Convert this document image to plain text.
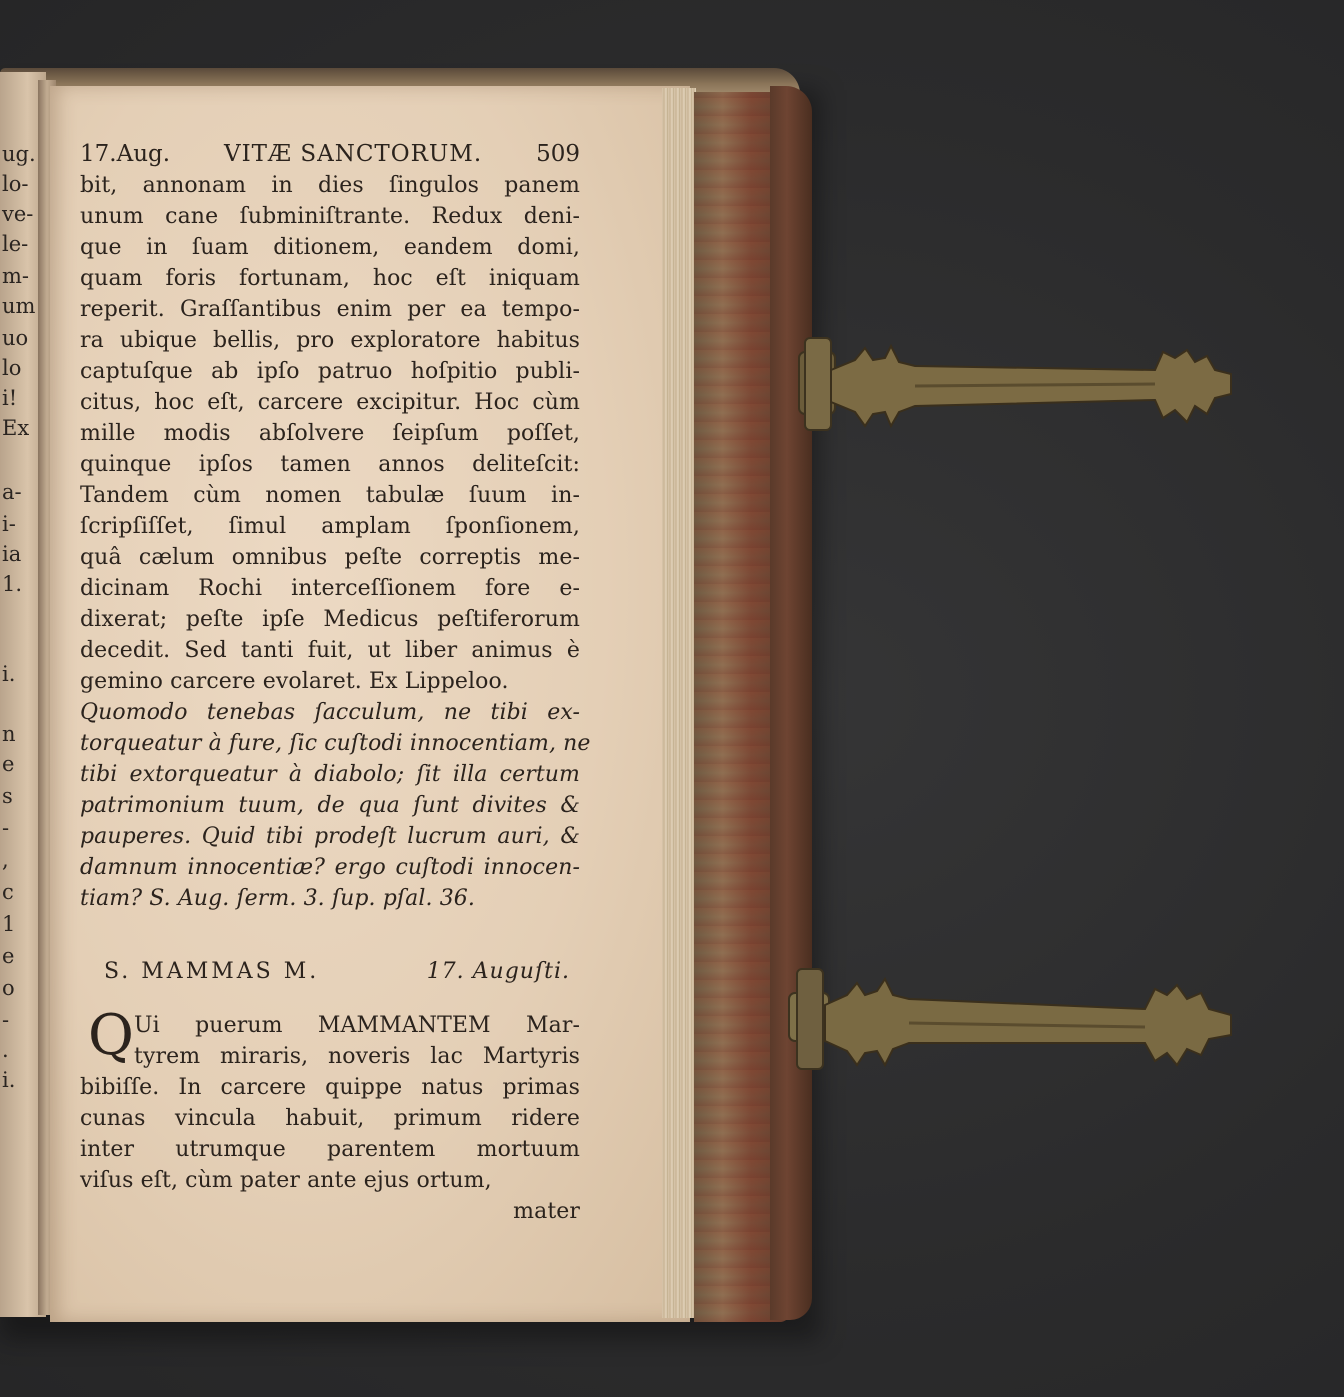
ug.
lo-
ve-
le-
m-
um
uo
lo
i!
Ex
a-
i-
ia
1.
i.
n
e
s
-
,
c
1
e
o
-
.
i.
17.Aug. VITÆ SANCTORUM. 509
bit, annonam in dies ſingulos panem
unum cane ſubminiſtrante. Redux deni-
que in ſuam ditionem, eandem domi,
quam foris fortunam, hoc eſt iniquam
reperit. Graſſantibus enim per ea tempo-
ra ubique bellis, pro exploratore habitus
captuſque ab ipſo patruo hoſpitio publi-
citus, hoc eſt, carcere excipitur. Hoc cùm
mille modis abſolvere ſeipſum poſſet,
quinque ipſos tamen annos deliteſcit:
Tandem cùm nomen tabulæ ſuum in-
ſcripſiſſet, ſimul amplam ſponſionem,
quâ cælum omnibus peſte correptis me-
dicinam Rochi interceſſionem fore e-
dixerat; peſte ipſe Medicus peſtiferorum
decedit. Sed tanti fuit, ut liber animus è
gemino carcere evolaret. Ex Lippeloo.
Quomodo tenebas ſacculum, ne tibi ex-
torqueatur à fure, ſic cuſtodi innocentiam, ne
tibi extorqueatur à diabolo; ſit illa certum
patrimonium tuum, de qua ſunt divites &
pauperes. Quid tibi prodeſt lucrum auri, &
damnum innocentiæ? ergo cuſtodi innocen-
tiam? S. Aug. ſerm. 3. ſup. pſal. 36.
S. MAMMAS M.	17. Auguſti.
Q Ui puerum MAMMANTEM Mar-
tyrem miraris, noveris lac Martyris
bibiſſe. In carcere quippe natus primas
cunas vincula habuit, primum ridere
inter utrumque parentem mortuum
viſus eſt, cùm pater ante ejus ortum,
mater
